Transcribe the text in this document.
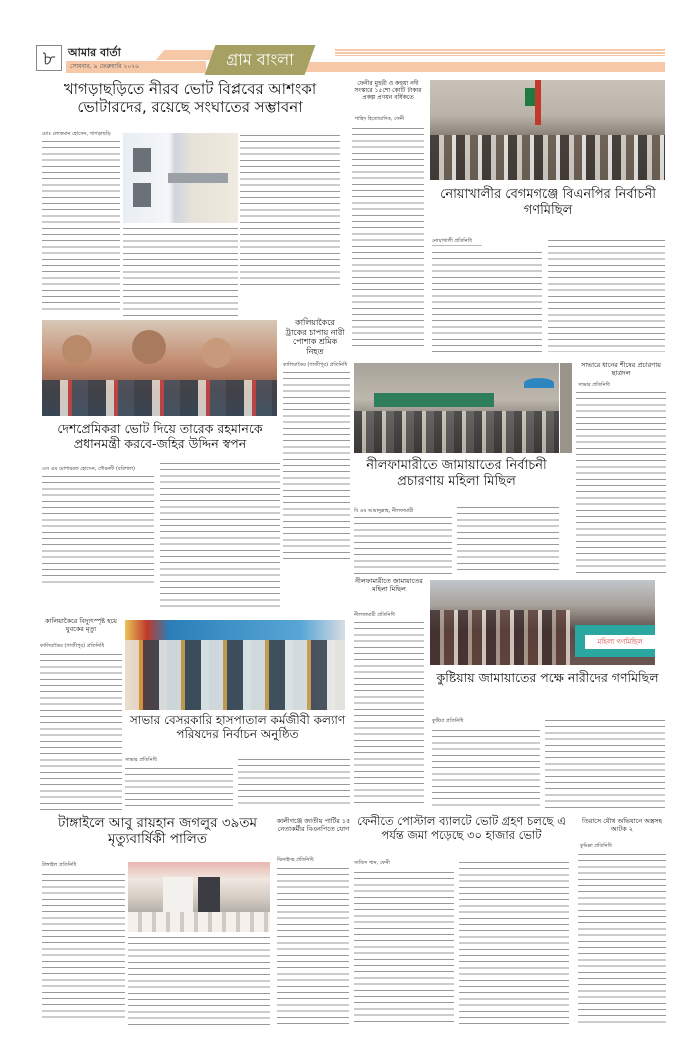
৮	আমার বার্তা
সোমবার, ৯ ফেব্রুয়ারি ২০২৬	গ্রাম বাংলা
খাগড়াছড়িতে নীরব ভোট বিপ্লবের আশংকা ভোটারদের, রয়েছে সংঘাতের সম্ভাবনা
মোঃ লোকমান হোসেন, খাগড়াছড়ি
ফেনীর মুহুরী ও কহুয়া নদী সংস্কারে ১৫শো কোটি টাকার প্রকল্প প্রণয়ন বর্ষিকতে
শাহিদ হিতোয়াদিক, ফেনী
নোয়াখালীর বেগমগঞ্জে বিএনপির নির্বাচনী গণমিছিল
নোয়াখালী প্রতিনিধি
কালিয়াকৈরে ট্রাকের চাপায় নারী পোশাক শ্রমিক নিহত
কালিয়াকৈর (গাজীপুর) প্রতিনিধি
দেশপ্রেমিকরা ভোট দিয়ে তারেক রহমানকে প্রধানমন্ত্রী করবে-জহির উদ্দিন স্বপন
এস এম মোশাররফ হোসেন, গৌরনদী (বরিশাল)	নীলফামারীতে জামায়াতের নির্বাচনী প্রচারণায় মহিলা মিছিল
বি এম আমানুল্লাহ, নীলফামারী
সাভারে ধানের শীষের প্রচারণায় ছাত্রদল
সাভার প্রতিনিধি
কালিয়াকৈরে বিদ্যুৎস্পৃষ্ট হয়ে যুবকের মৃত্যু
কালিয়াকৈর (গাজীপুর) প্রতিনিধি
সাভার বেসরকারি হাসপাতাল কর্মজীবী কল্যাণ পরিষদের নির্বাচন অনুষ্ঠিত
সাভার প্রতিনিধি
নীলফামারীতে জামায়াতের মহিলা মিছিল
নীলফামারী প্রতিনিধি
মহিলা গণমিছিল
কুষ্টিয়ায় জামায়াতের পক্ষে নারীদের গণমিছিল
কুষ্টিয়া প্রতিনিধি
টাঙ্গাইলে আবু রায়হান জগলুর ৩৯তম মৃত্যুবার্ষিকী পালিত
টাঙ্গাইল প্রতিনিধি
কালীগঞ্জে জাতীয় পার্টির ১৫ নেতাকর্মীর বিএনপিতে যোগ
ঝিনাইদহ প্রতিনিধি
ফেনীতে পোস্টাল ব্যালটে ভোট গ্রহণ চলছে এ পর্যন্ত জমা পড়েছে ৩০ হাজার ভোট
সাজিদ খান, ফেনী
তিরাসে যৌথ অভিযানে অস্ত্রসহ আটক ২
কুমিল্লা প্রতিনিধি
